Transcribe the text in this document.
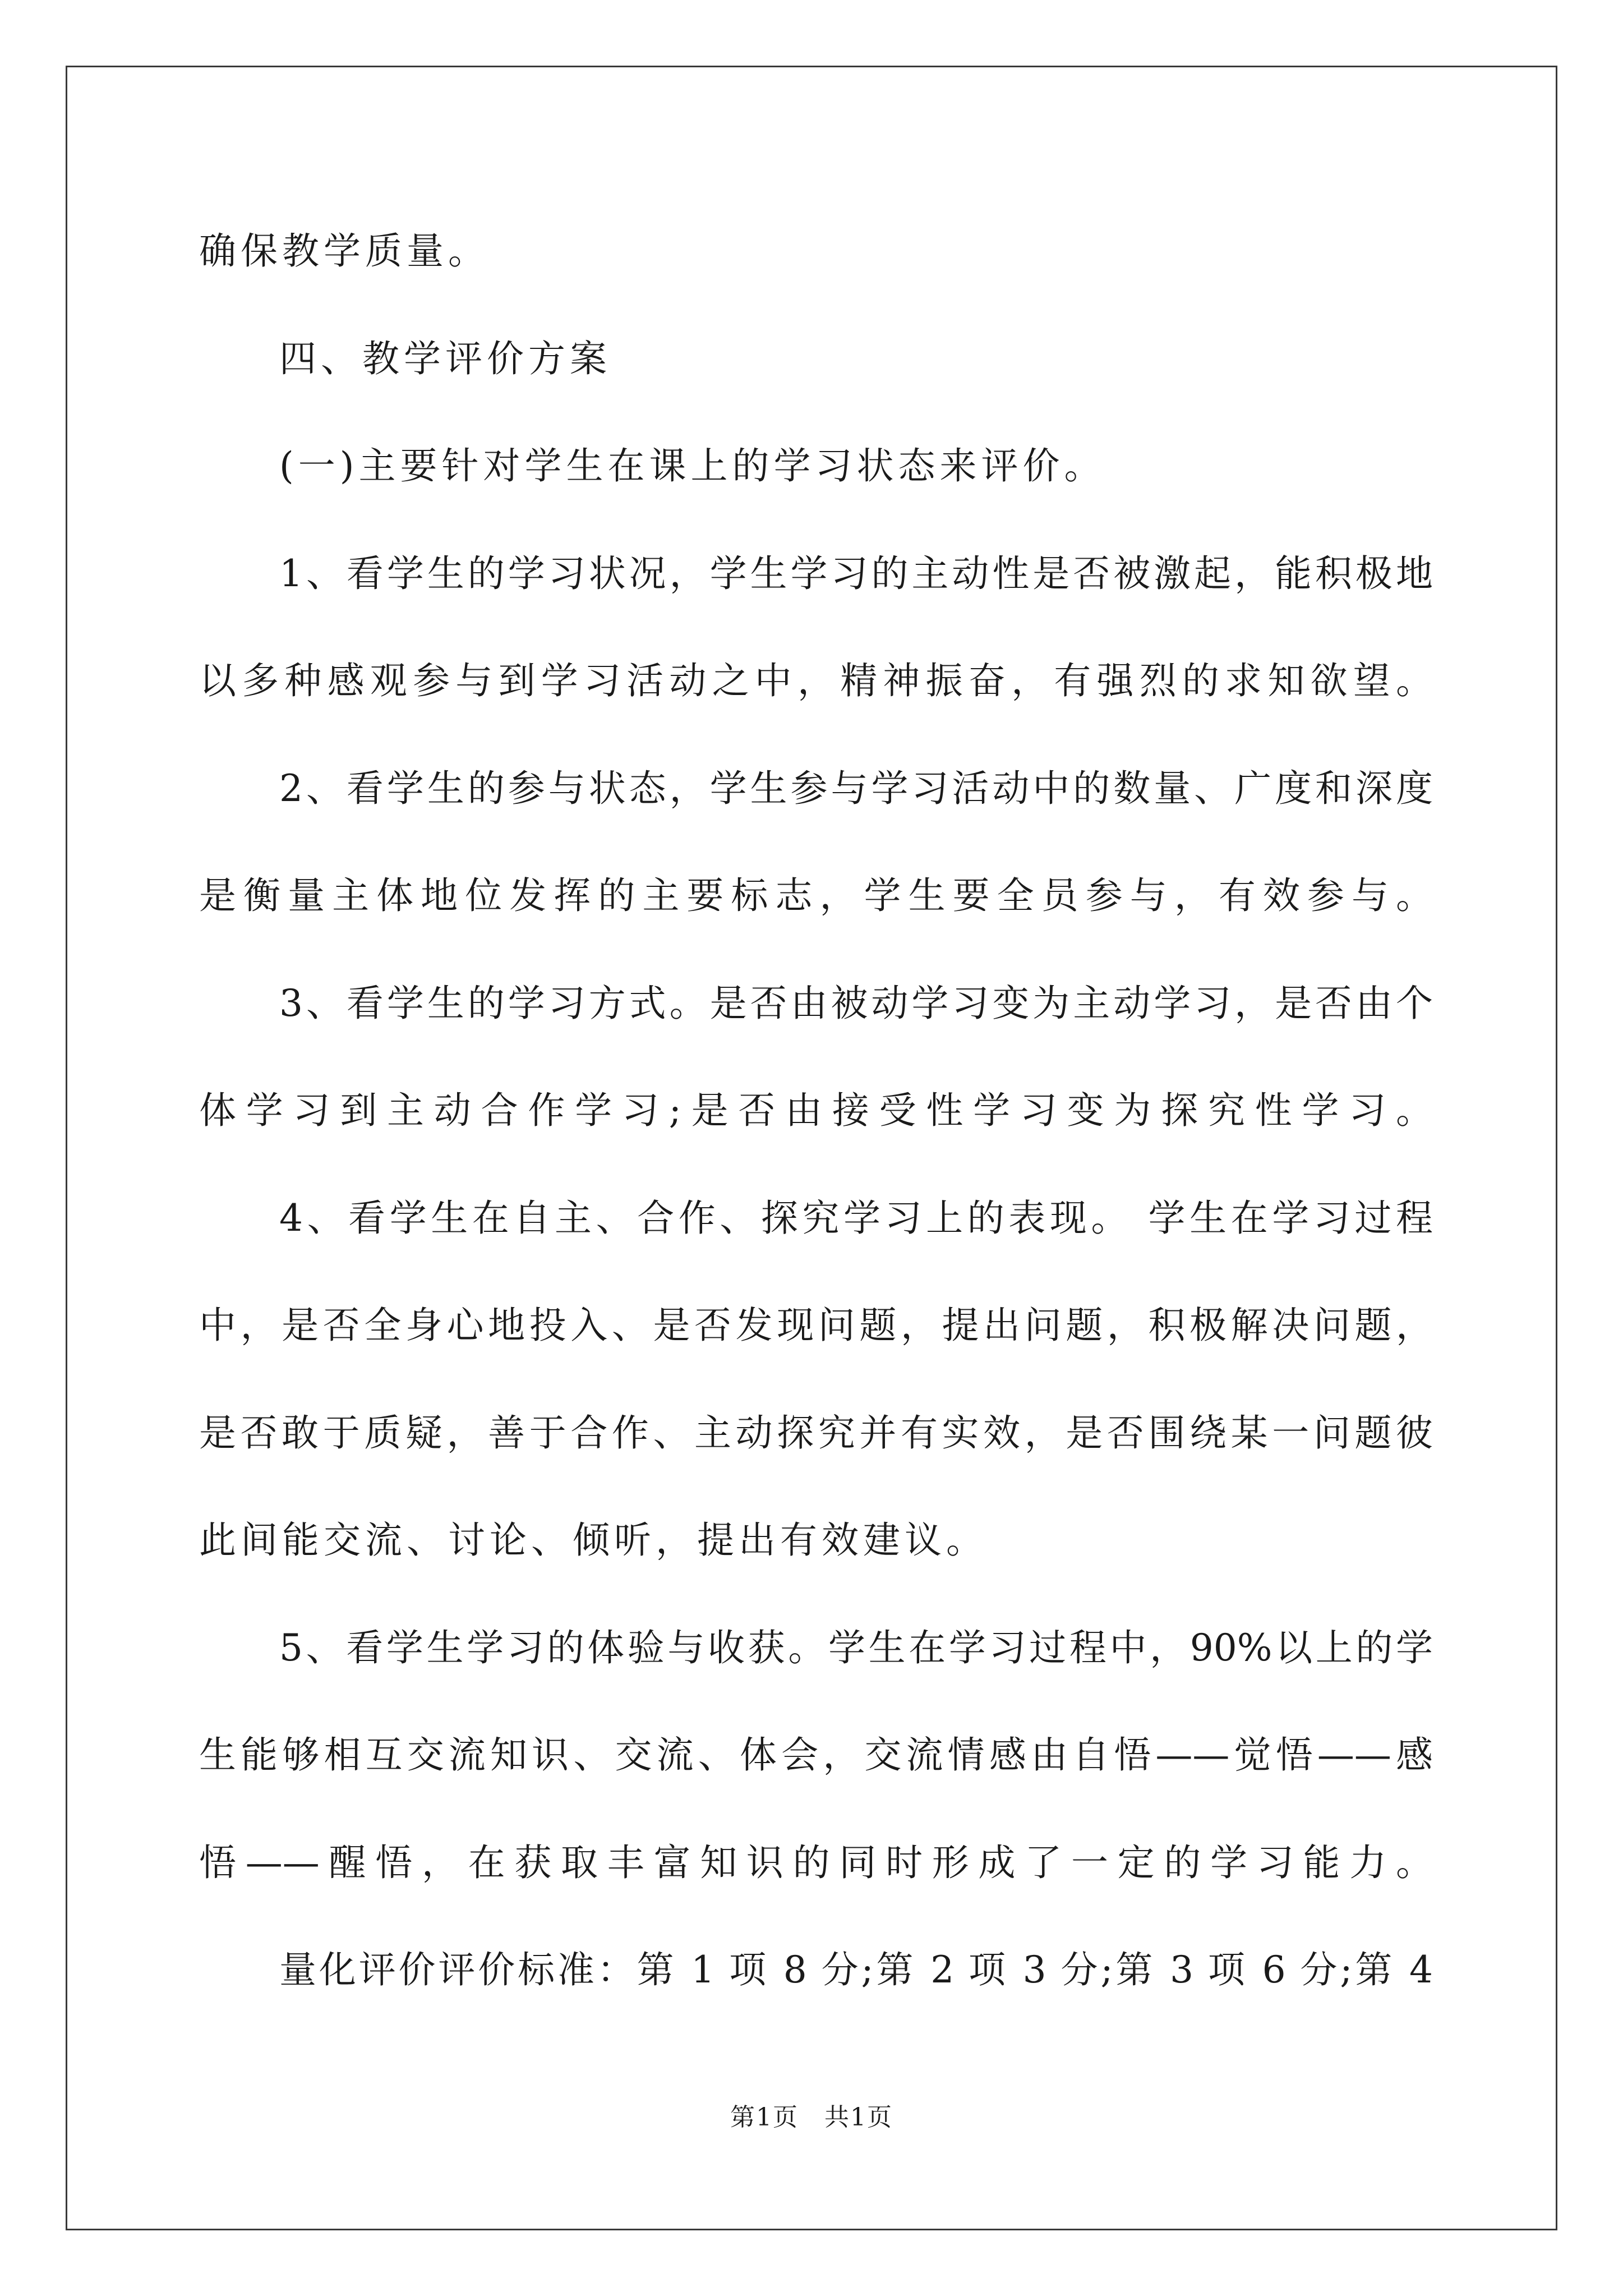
确保教学质量。
四、教学评价方案
(一)主要针对学生在课上的学习状态来评价。
1、看学生的学习状况，学生学习的主动性是否被激起，能积极地
以多种感观参与到学习活动之中，精神振奋，有强烈的求知欲望。
2、看学生的参与状态，学生参与学习活动中的数量、广度和深度
是衡量主体地位发挥的主要标志，学生要全员参与，有效参与。
3、看学生的学习方式。是否由被动学习变为主动学习，是否由个
体学习到主动合作学习;是否由接受性学习变为探究性学习。
4、看学生在自主、合作、探究学习上的表现。 学生在学习过程
中，是否全身心地投入、是否发现问题，提出问题，积极解决问题，
是否敢于质疑，善于合作、主动探究并有实效，是否围绕某一问题彼
此间能交流、讨论、倾听，提出有效建议。
5、看学生学习的体验与收获。学生在学习过程中，90%以上的学
生能够相互交流知识、交流、体会，交流情感由自悟——觉悟——感
悟——醒悟，在获取丰富知识的同时形成了一定的学习能力。
量化评价评价标准：第 1 项 8 分;第 2 项 3 分;第 3 项 6 分;第 4
第1页　共1页
